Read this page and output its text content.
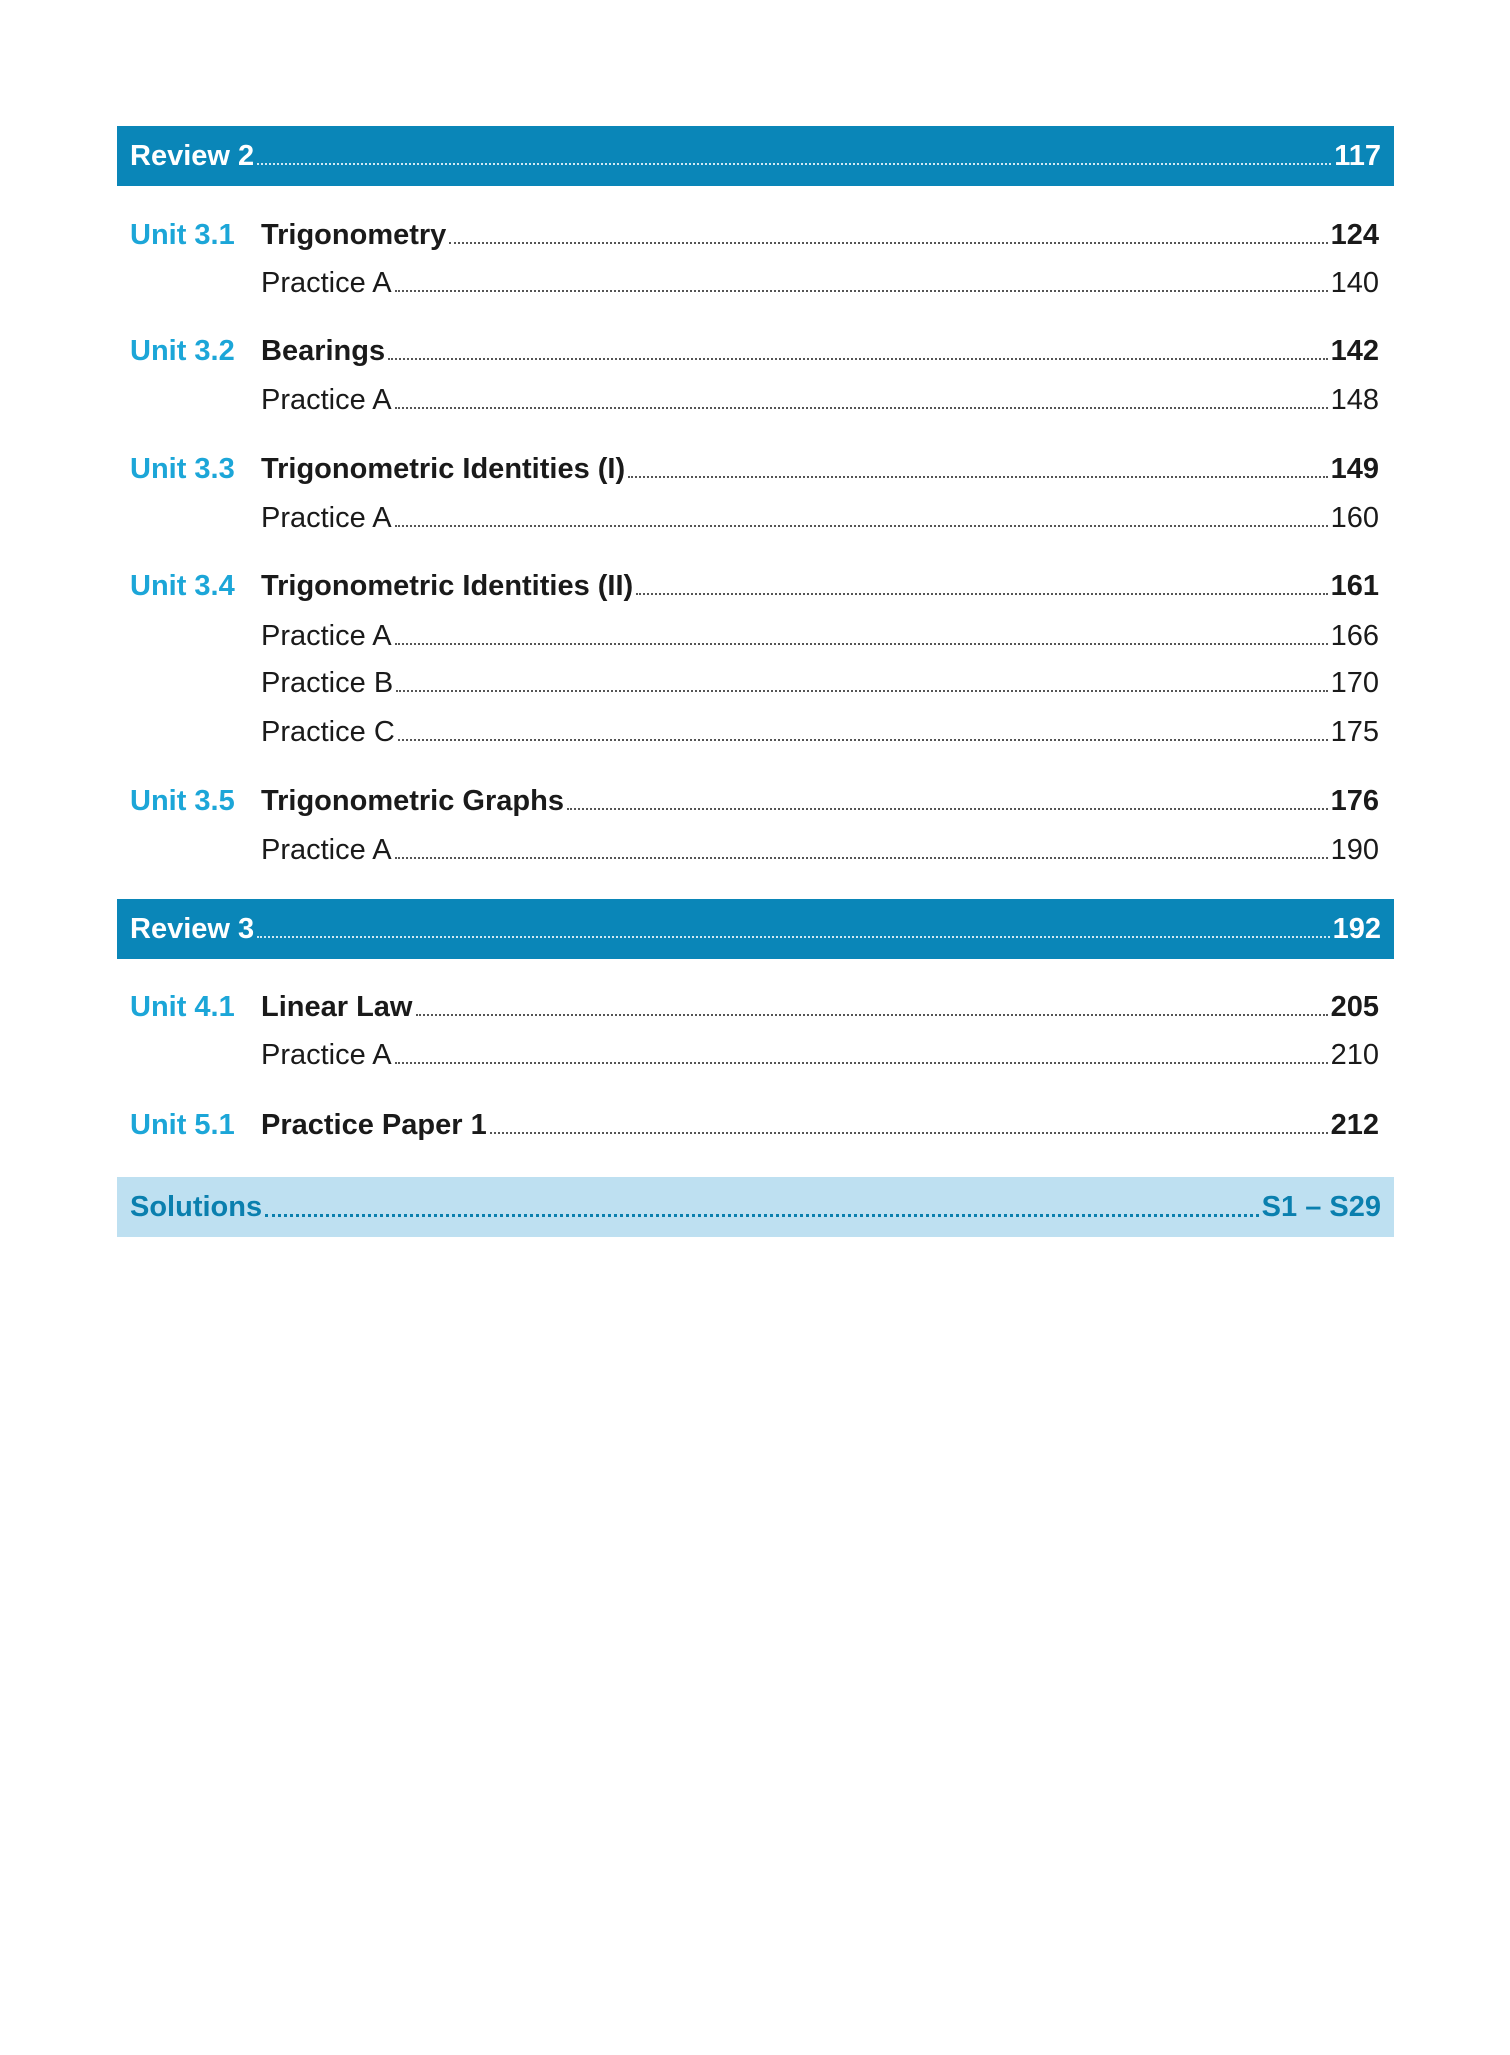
Review 2	117
Unit 3.1 Trigonometry	124
Practice A	140
Unit 3.2 Bearings	142
Practice A	148
Unit 3.3 Trigonometric Identities (I)	149
Practice A	160
Unit 3.4 Trigonometric Identities (II)	161
Practice A	166
Practice B	170
Practice C	175
Unit 3.5 Trigonometric Graphs	176
Practice A	190
Review 3	192
Unit 4.1 Linear Law	205
Practice A	210
Unit 5.1 Practice Paper 1	212
Solutions	S1 – S29
